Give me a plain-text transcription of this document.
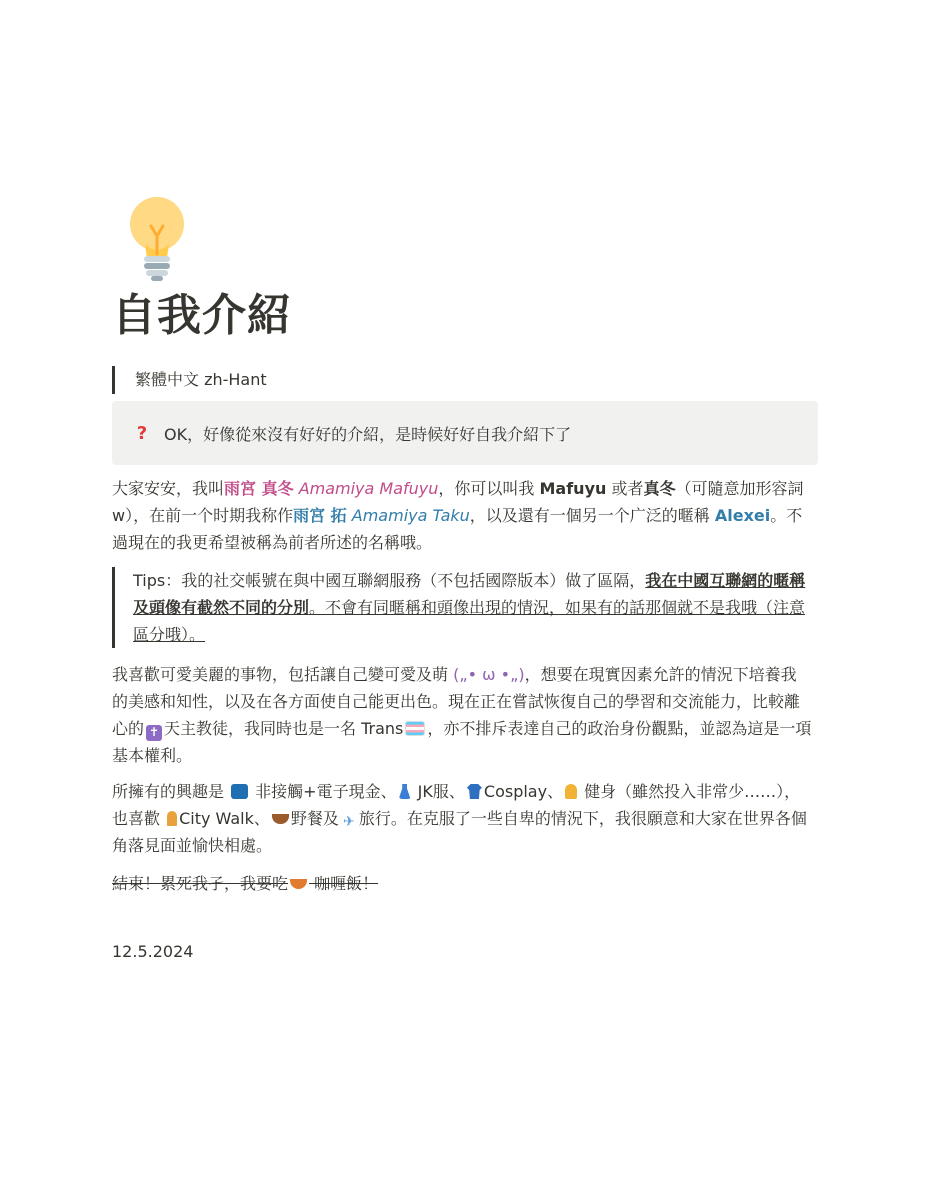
自我介紹
繁體中文 zh-Hant
?	OK，好像從來沒有好好的介紹，是時候好好自我介紹下了

大家安安，我叫雨宮 真冬 Amamiya Mafuyu，你可以叫我 Mafuyu 或者真冬（可隨意加形容詞w），在前一个时期我称作雨宮 拓 Amamiya Taku，以及還有一個另一个广泛的暱稱 Alexei。不過現在的我更希望被稱為前者所述的名稱哦。

Tips：我的社交帳號在與中國互聯網服務（不包括國際版本）做了區隔，我在中國互聯網的暱稱及頭像有截然不同的分別。不會有同暱稱和頭像出現的情況，如果有的話那個就不是我哦（注意區分哦）。

我喜歡可愛美麗的事物，包括讓自己變可愛及萌 („• ω •„)，想要在現實因素允許的情況下培養我的美感和知性，以及在各方面使自己能更出色。現在正在嘗試恢復自己的學習和交流能力，比較離心的 ✝ 天主教徒，我同時也是一名 Trans ，亦不排斥表達自己的政治身份觀點，並認為這是一項基本權利。

所擁有的興趣是  非接觸+電子現金、 JK服、 Cosplay、 健身（雖然投入非常少……），也喜歡 City Walk、 野餐及 ✈ 旅行。在克服了一些自卑的情況下，我很願意和大家在世界各個角落見面並愉快相處。

結束！累死我孑，我要吃 咖喱飯！

12.5.2024
